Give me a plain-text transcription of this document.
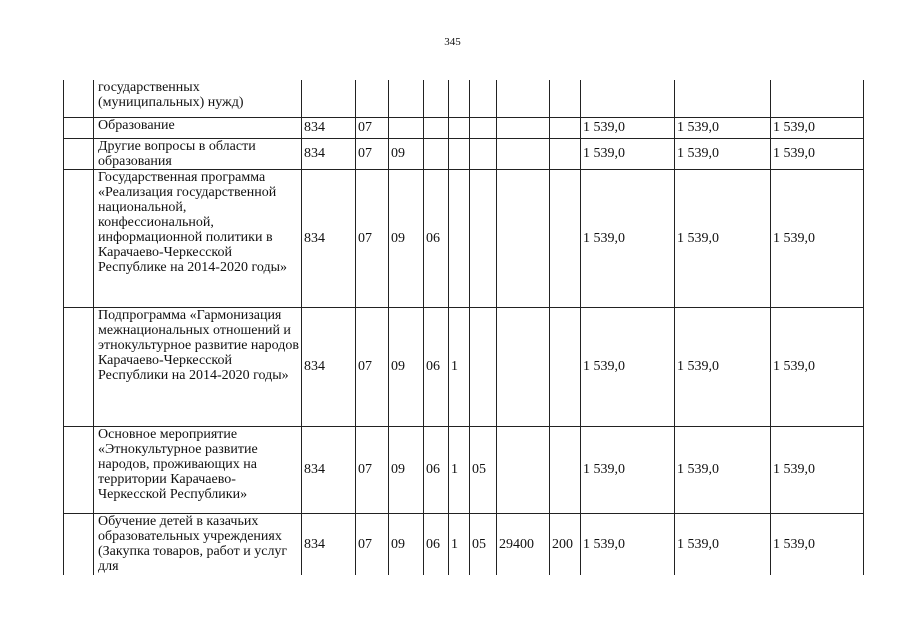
345
	государственных (муниципальных) нужд)											
	Образование	834	07							1 539,0	1 539,0	1 539,0
	Другие вопросы в области образования	834	07	09						1 539,0	1 539,0	1 539,0
	Государственная программа «Реализация государственной национальной, конфессиональной, информационной политики в Карачаево-Черкесской Республике на 2014-2020 годы»	834	07	09	06					1 539,0	1 539,0	1 539,0
	Подпрограмма «Гармонизация межнациональных отношений и этнокультурное развитие народов Карачаево-Черкесской Республики на 2014-2020 годы»	834	07	09	06	1				1 539,0	1 539,0	1 539,0
	Основное мероприятие «Этнокультурное развитие народов, проживающих на территории Карачаево-Черкесской Республики»	834	07	09	06	1	05			1 539,0	1 539,0	1 539,0
	Обучение детей в казачьих образовательных учреждениях (Закупка товаров, работ и услуг для	834	07	09	06	1	05	29400	200	1 539,0	1 539,0	1 539,0
